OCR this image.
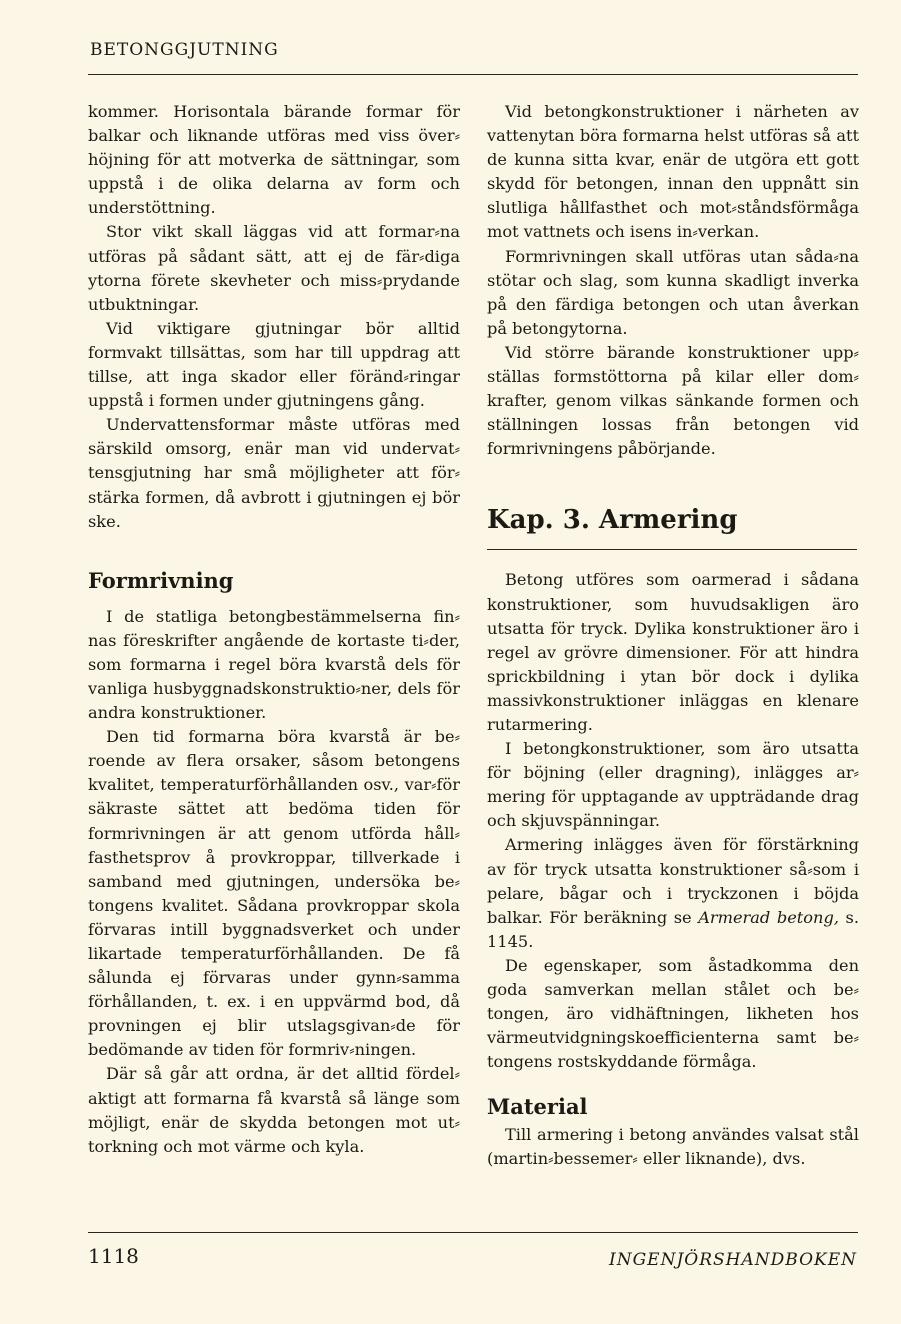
BETONGGJUTNING

kommer. Horisontala bärande formar för balkar och liknande utföras med viss över⸗höjning för att motverka de sättningar, som uppstå i de olika delarna av form och understöttning.

Stor vikt skall läggas vid att formar⸗na utföras på sådant sätt, att ej de fär⸗diga ytorna förete skevheter och miss⸗prydande utbuktningar.

Vid viktigare gjutningar bör alltid formvakt tillsättas, som har till uppdrag att tillse, att inga skador eller föränd⸗ringar uppstå i formen under gjutningens gång.

Undervattensformar måste utföras med särskild omsorg, enär man vid undervat⸗tensgjutning har små möjligheter att för⸗stärka formen, då avbrott i gjutningen ej bör ske.

Formrivning

I de statliga betongbestämmelserna fin⸗nas föreskrifter angående de kortaste ti⸗der, som formarna i regel böra kvarstå dels för vanliga husbyggnadskonstruktio⸗ner, dels för andra konstruktioner.

Den tid formarna böra kvarstå är be⸗roende av flera orsaker, såsom betongens kvalitet, temperaturförhållanden osv., var⸗för säkraste sättet att bedöma tiden för formrivningen är att genom utförda håll⸗fasthetsprov å provkroppar, tillverkade i samband med gjutningen, undersöka be⸗tongens kvalitet. Sådana provkroppar skola förvaras intill byggnadsverket och under likartade temperaturförhållanden. De få sålunda ej förvaras under gynn⸗samma förhållanden, t. ex. i en uppvärmd bod, då provningen ej blir utslagsgivan⸗de för bedömande av tiden för formriv⸗ningen.

Där så går att ordna, är det alltid fördel⸗aktigt att formarna få kvarstå så länge som möjligt, enär de skydda betongen mot ut⸗torkning och mot värme och kyla.

Vid betongkonstruktioner i närheten av vattenytan böra formarna helst utföras så att de kunna sitta kvar, enär de utgöra ett gott skydd för betongen, innan den uppnått sin slutliga hållfasthet och mot⸗ståndsförmåga mot vattnets och isens in⸗verkan.

Formrivningen skall utföras utan såda⸗na stötar och slag, som kunna skadligt inverka på den färdiga betongen och utan åverkan på betongytorna.

Vid större bärande konstruktioner upp⸗ställas formstöttorna på kilar eller dom⸗krafter, genom vilkas sänkande formen och ställningen lossas från betongen vid formrivningens påbörjande.

Kap. 3. Armering

Betong utföres som oarmerad i sådana konstruktioner, som huvudsakligen äro utsatta för tryck. Dylika konstruktioner äro i regel av grövre dimensioner. För att hindra sprickbildning i ytan bör dock i dylika massivkonstruktioner inläggas en klenare rutarmering.

I betongkonstruktioner, som äro utsatta för böjning (eller dragning), inlägges ar⸗mering för upptagande av uppträdande drag och skjuvspänningar.

Armering inlägges även för förstärkning av för tryck utsatta konstruktioner så⸗som i pelare, bågar och i tryckzonen i böjda balkar. För beräkning se Armerad betong, s. 1145.

De egenskaper, som åstadkomma den goda samverkan mellan stålet och be⸗tongen, äro vidhäftningen, likheten hos värmeutvidgningskoefficienterna samt be⸗tongens rostskyddande förmåga.

Material

Till armering i betong användes valsat stål (martin⸗bessemer⸗ eller liknande), dvs.

1118	INGENJÖRSHANDBOKEN
